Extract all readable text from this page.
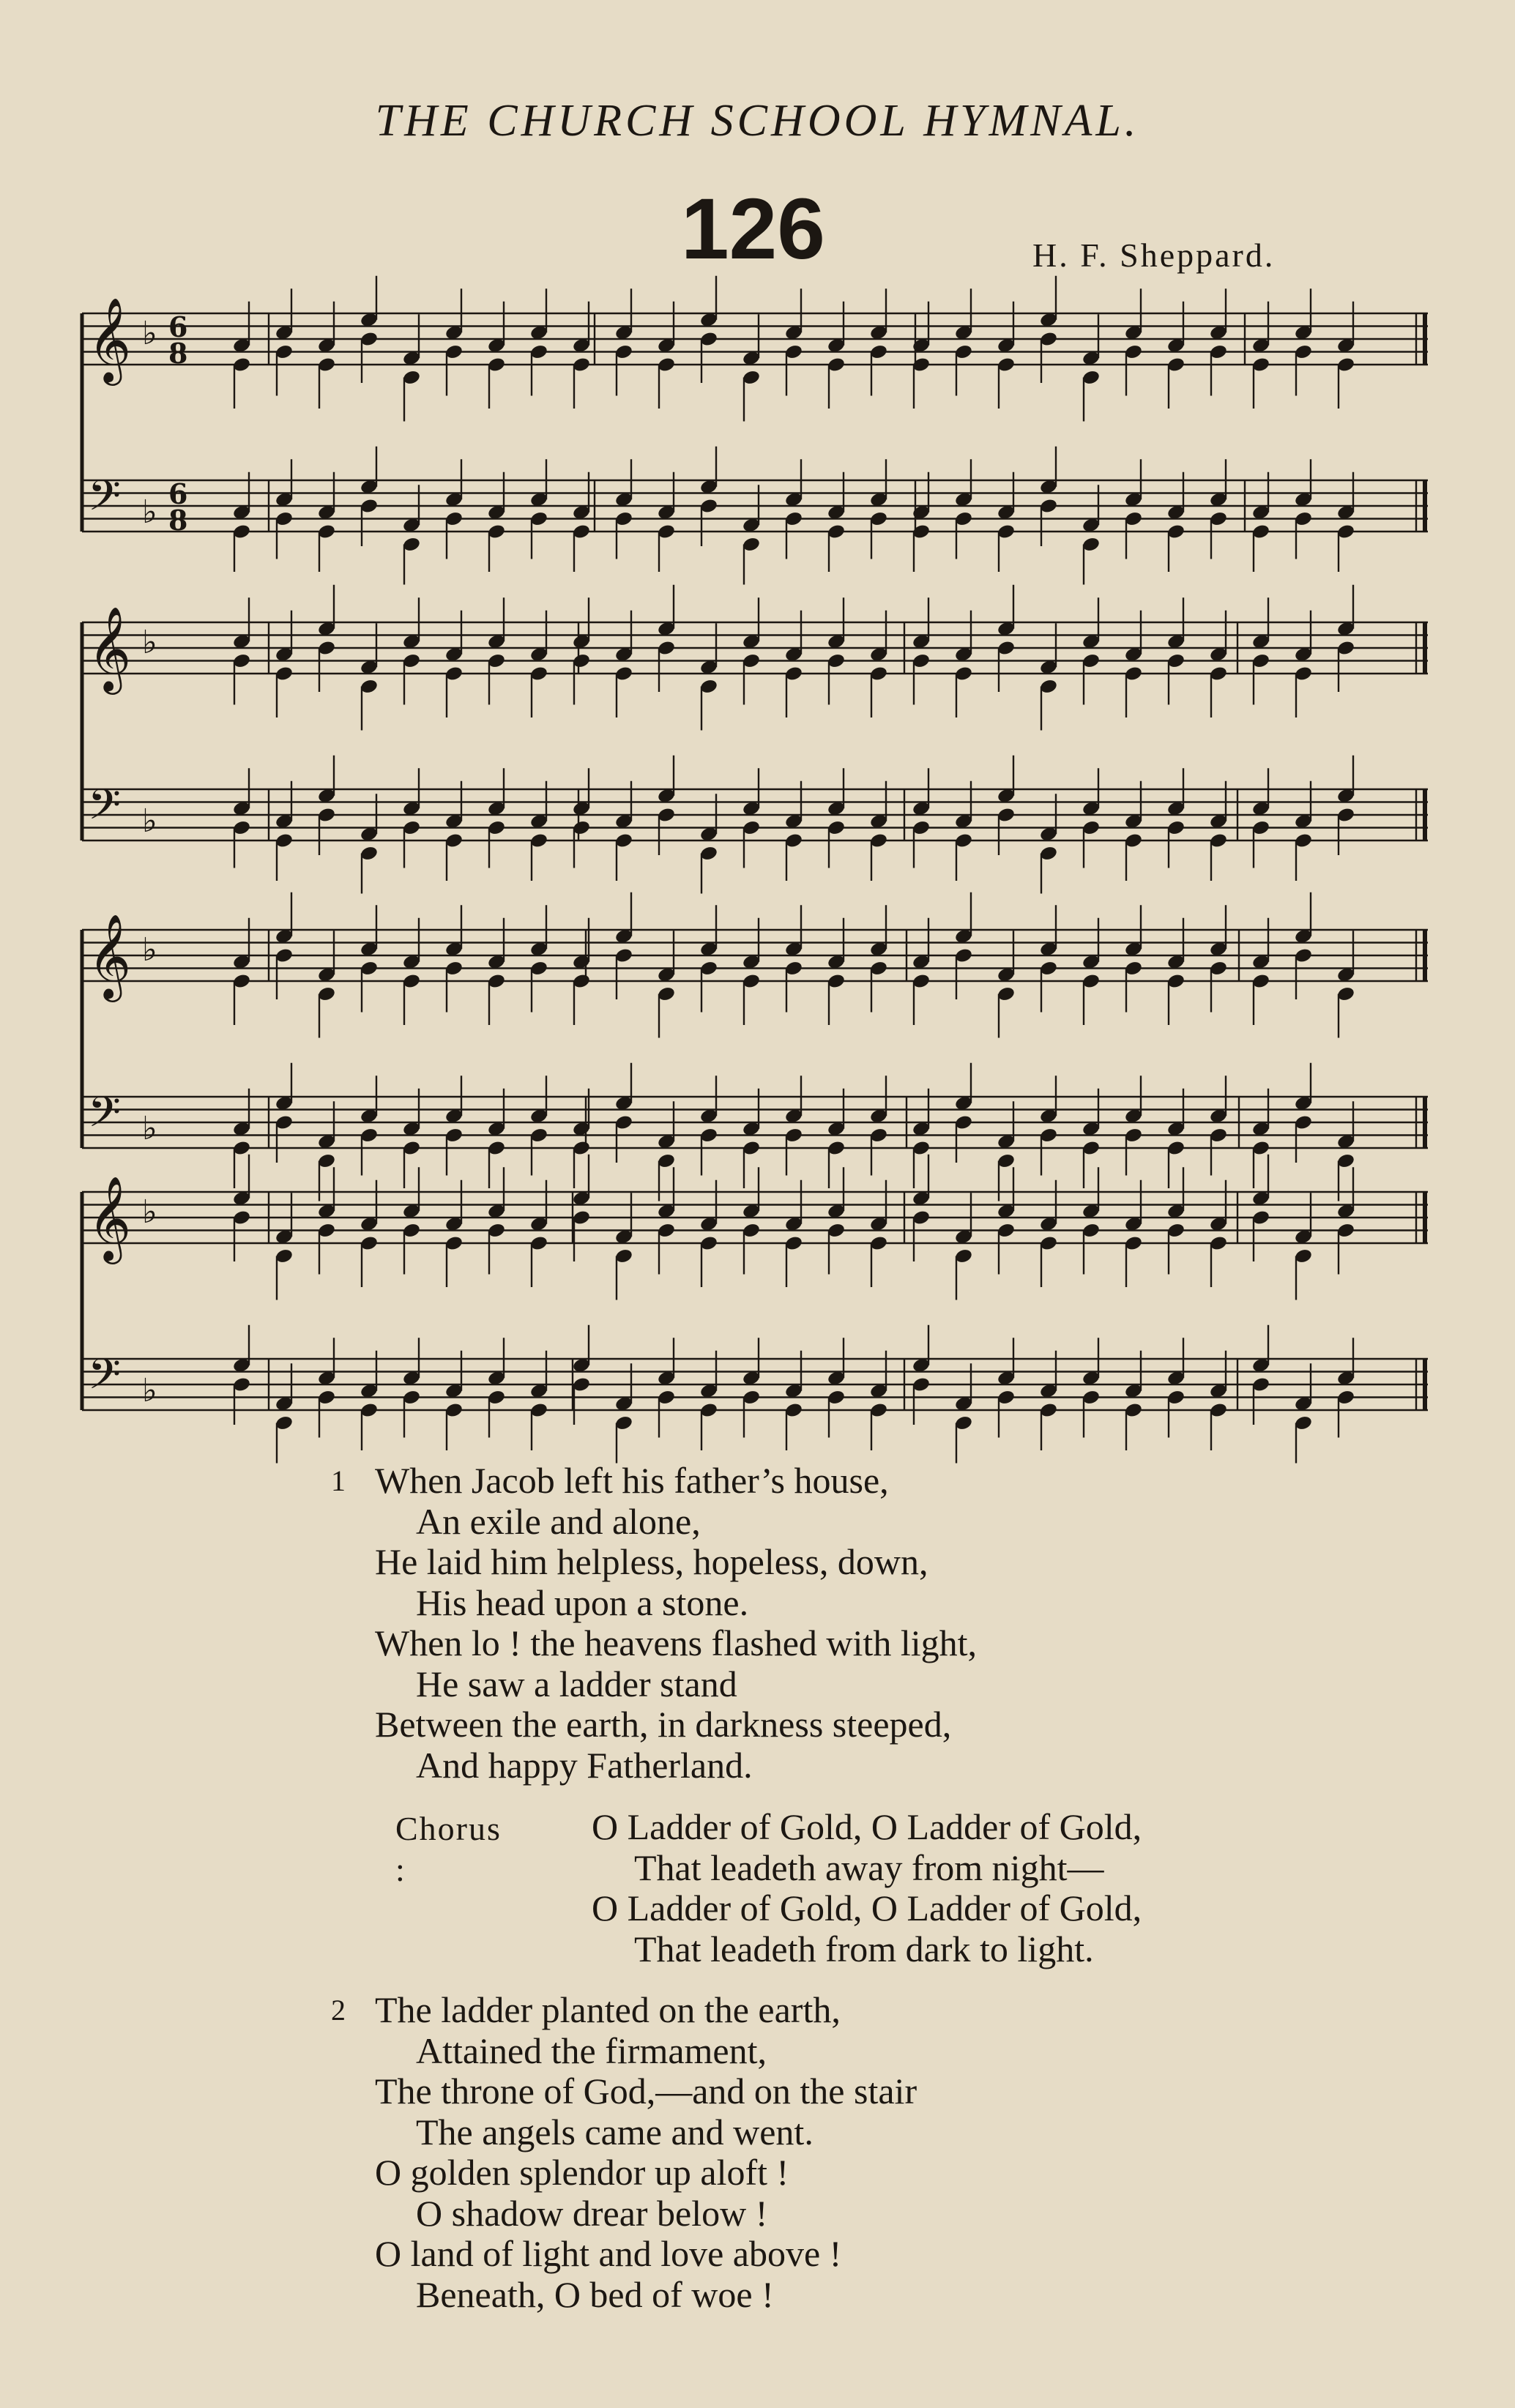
THE CHURCH SCHOOL HYMNAL.
126	H. F. Sheppard.
𝄞 ♭ 6
8
𝄢 ♭ 6
8
𝄞 ♭
𝄢 ♭
𝄞 ♭
𝄢 ♭
𝄞 ♭
𝄢 ♭
1 When Jacob left his father’s house,
An exile and alone,
He laid him helpless, hopeless, down,
His head upon a stone.
When lo ! the heavens flashed with light,
He saw a ladder stand
Between the earth, in darkness steeped,
And happy Fatherland.
Chorus :
O Ladder of Gold, O Ladder of Gold,
That leadeth away from night—
O Ladder of Gold, O Ladder of Gold,
That leadeth from dark to light.
2 The ladder planted on the earth,
Attained the firmament,
The throne of God,—and on the stair
The angels came and went.
O golden splendor up aloft !
O shadow drear below !
O land of light and love above !
Beneath, O bed of woe !
